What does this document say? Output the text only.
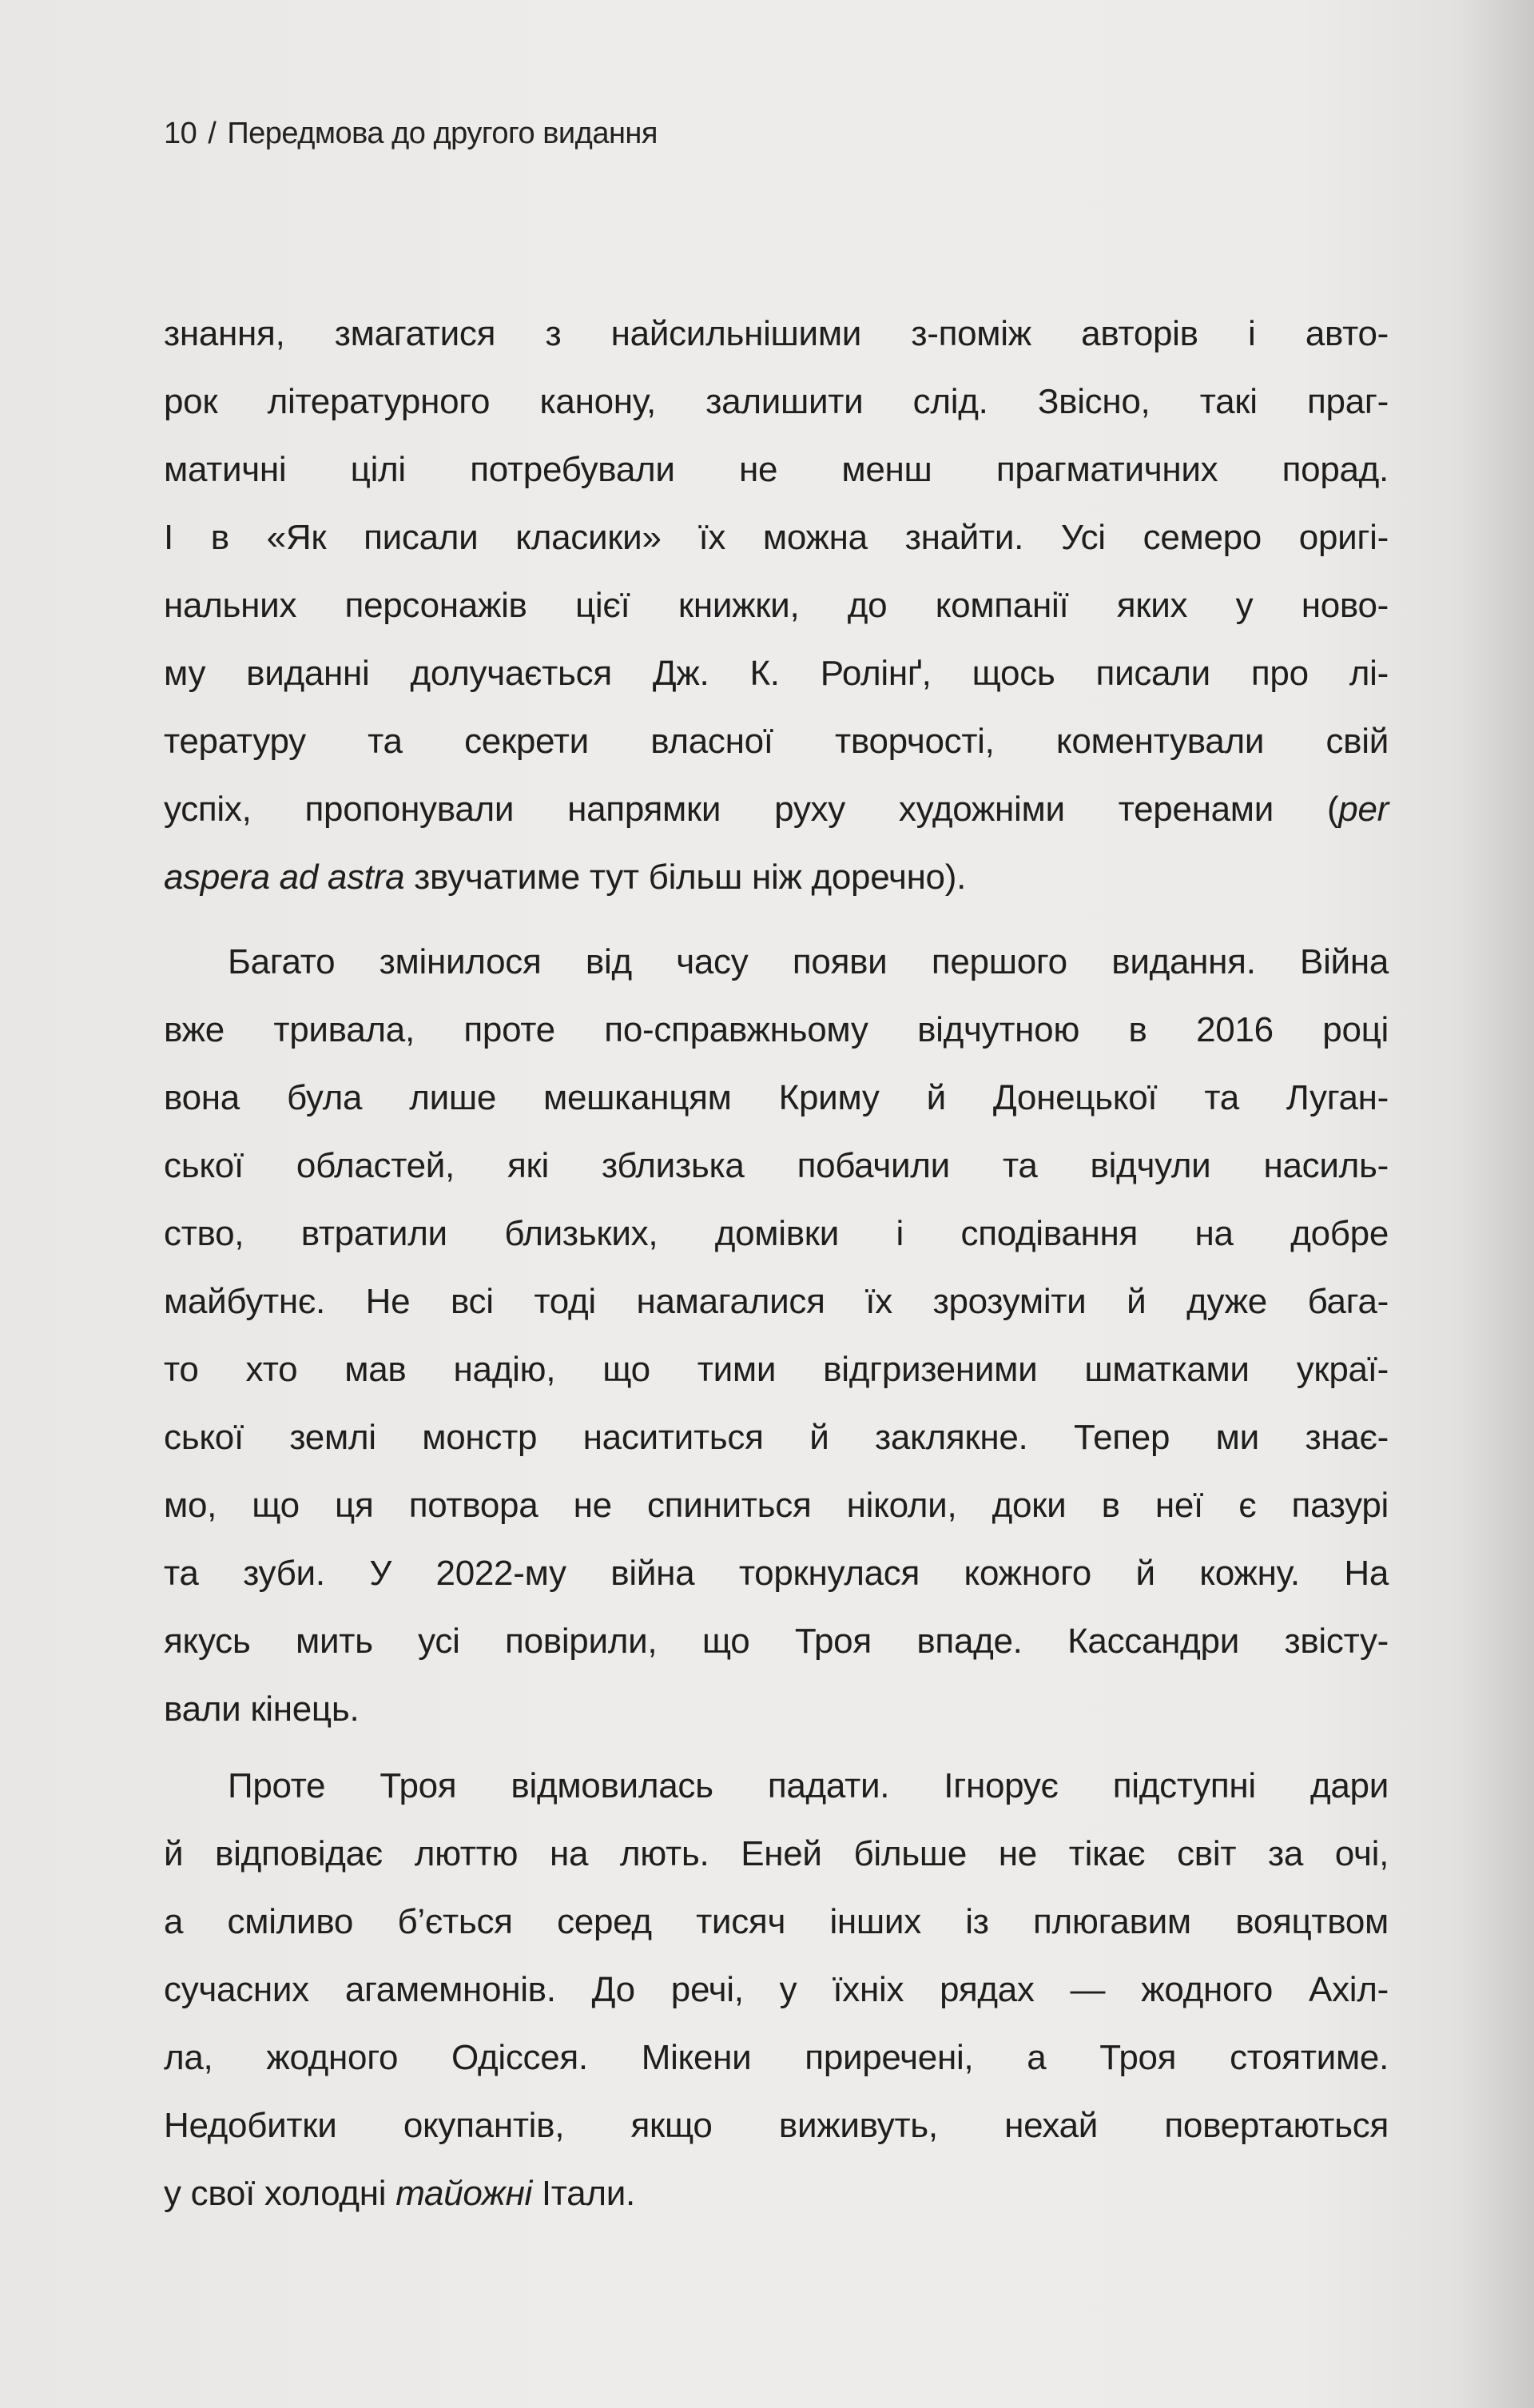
10 / Передмова до другого видання
знання, змагатися з найсильнішими з-поміж авторів і авто-
рок літературного канону, залишити слід. Звісно, такі праг-
матичні цілі потребували не менш прагматичних порад.
І в «Як писали класики» їх можна знайти. Усі семеро оригі-
нальних персонажів цієї книжки, до компанії яких у ново-
му виданні долучається Дж. К. Ролінґ, щось писали про лі-
тературу та секрети власної творчості, коментували свій
успіх, пропонували напрямки руху художніми теренами (per
aspera ad astra звучатиме тут більш ніж доречно).
Багато змінилося від часу появи першого видання. Війна
вже тривала, проте по-справжньому відчутною в 2016 році
вона була лише мешканцям Криму й Донецької та Луган-
ської областей, які зблизька побачили та відчули насиль-
ство, втратили близьких, домівки і сподівання на добре
майбутнє. Не всі тоді намагалися їх зрозуміти й дуже бага-
то хто мав надію, що тими відгризеними шматками украї-
ської землі монстр насититься й заклякне. Тепер ми знає-
мо, що ця потвора не спиниться ніколи, доки в неї є пазурі
та зуби. У 2022-му війна торкнулася кожного й кожну. На
якусь мить усі повірили, що Троя впаде. Кассандри звісту-
вали кінець.
Проте Троя відмовилась падати. Ігнорує підступні дари
й відповідає люттю на лють. Еней більше не тікає світ за очі,
а сміливо б’ється серед тисяч інших із плюгавим вояцтвом
сучасних агамемнонів. До речі, у їхніх рядах — жодного Ахіл-
ла, жодного Одіссея. Мікени приречені, а Троя стоятиме.
Недобитки окупантів, якщо виживуть, нехай повертаються
у свої холодні тайожні Італи.
